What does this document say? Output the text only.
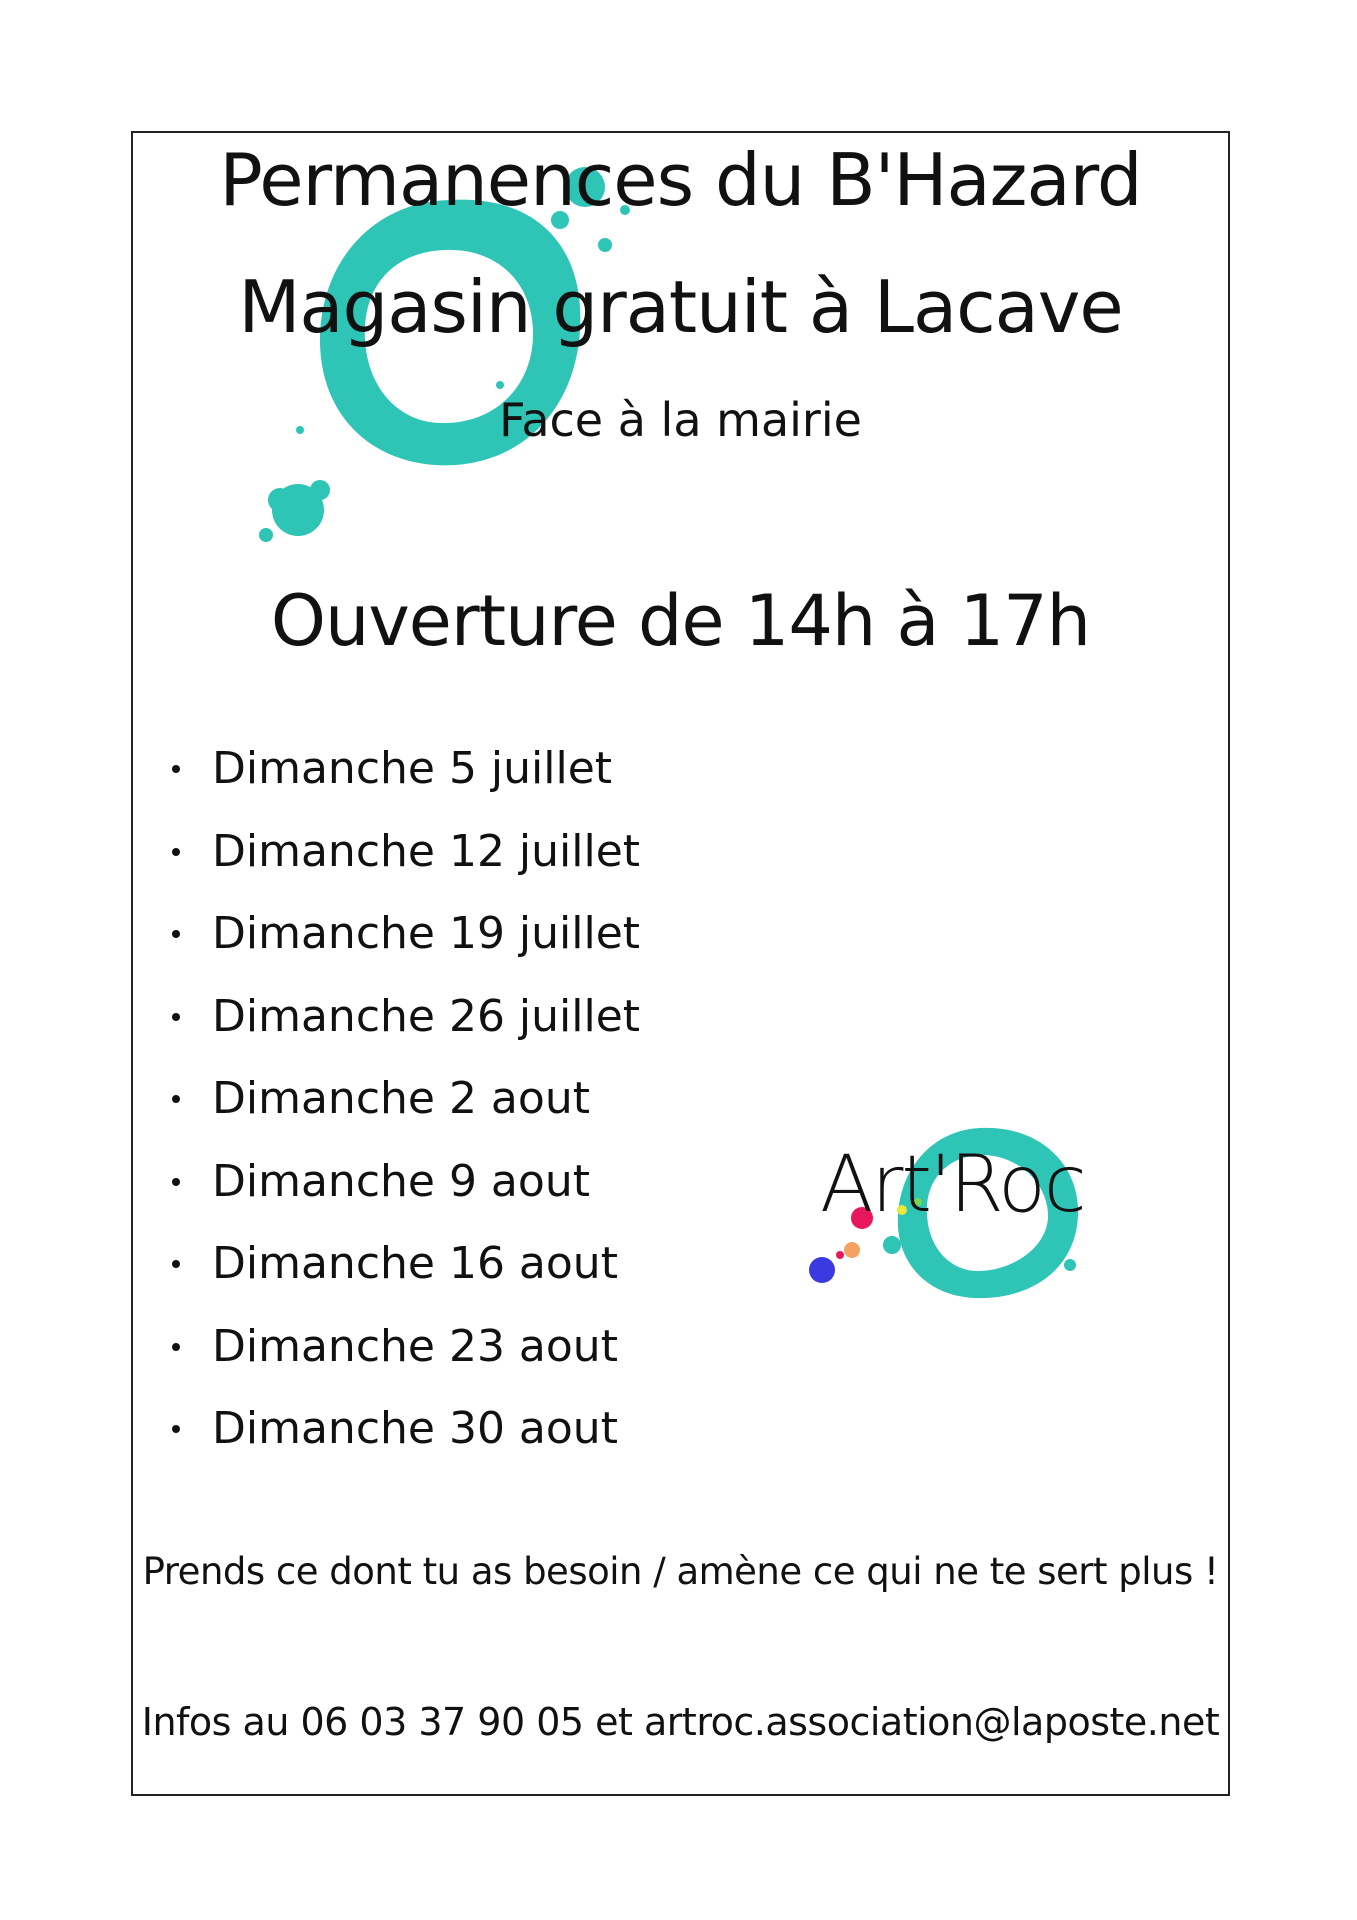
Permanences du B'Hazard
Magasin gratuit à Lacave
Face à la mairie
Ouverture de 14h à 17h
Dimanche 5 juillet
Dimanche 12 juillet
Dimanche 19 juillet
Dimanche 26 juillet
Dimanche 2 aout
Dimanche 9 aout
Dimanche 16 aout
Dimanche 23 aout
Dimanche 30 aout
Art'Roc
Prends ce dont tu as besoin / amène ce qui ne te sert plus !
Infos au 06 03 37 90 05 et artroc.association@laposte.net
